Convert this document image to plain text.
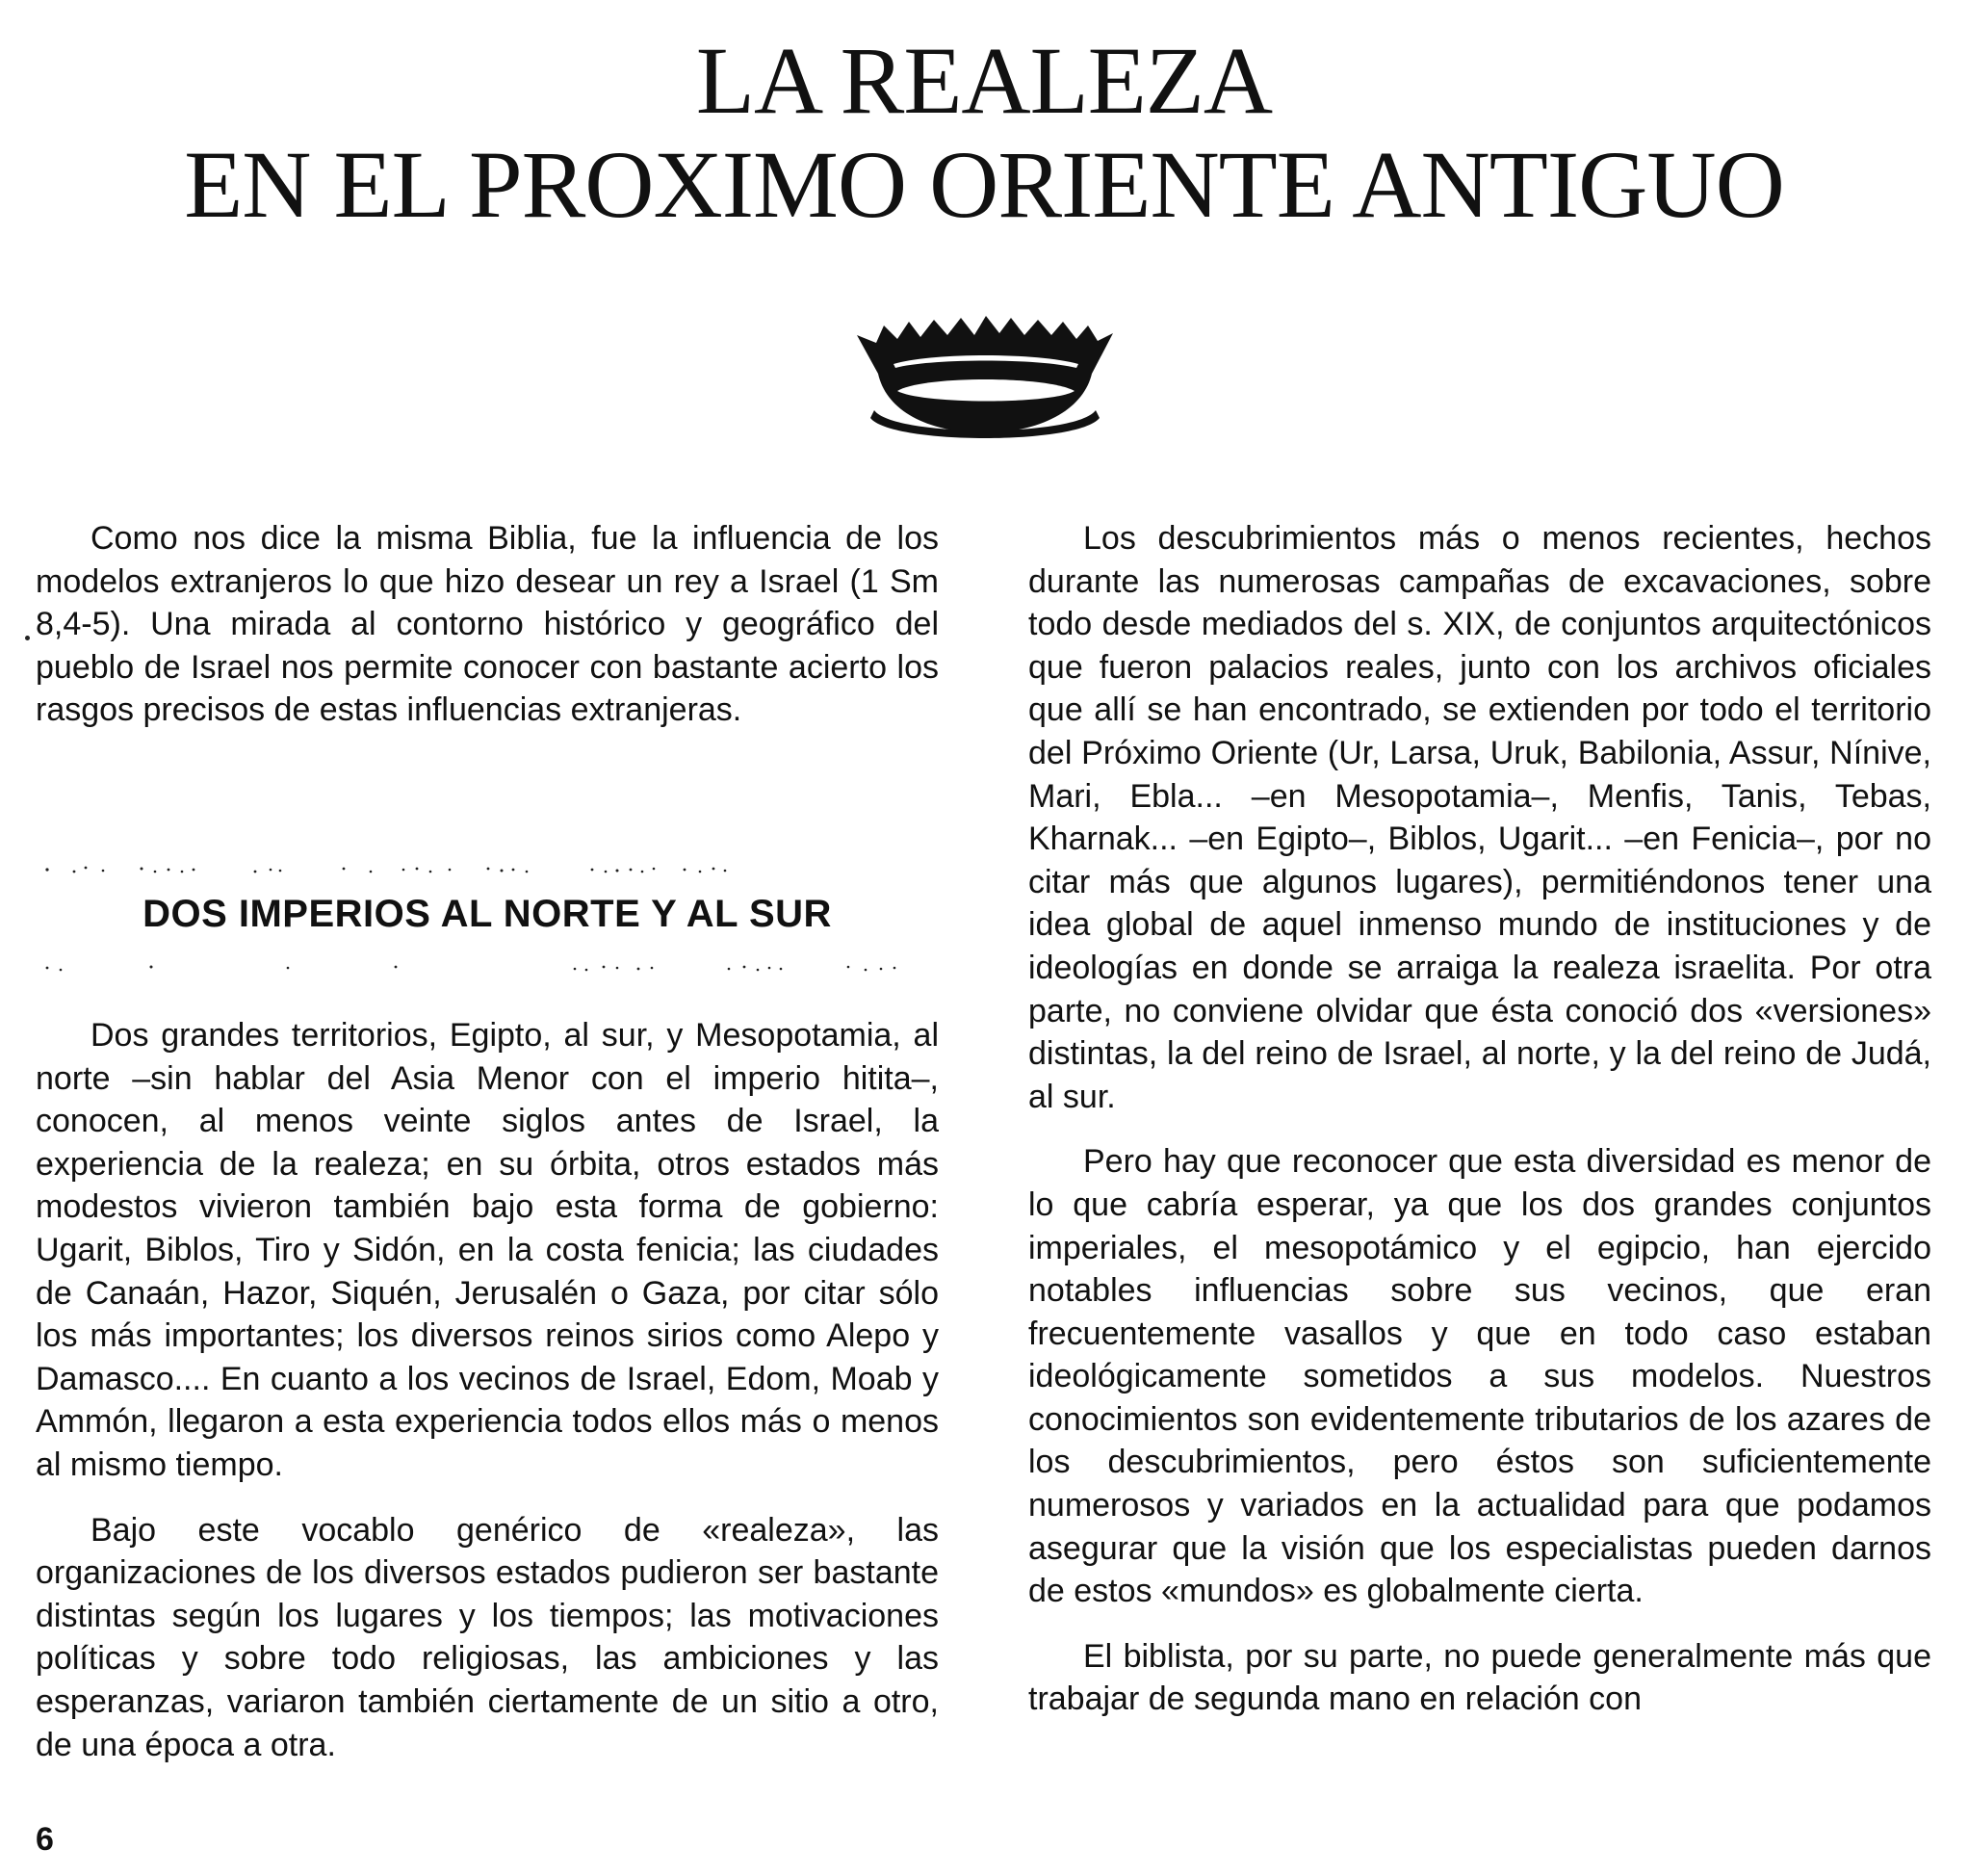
LA REALEZA
EN EL PROXIMO ORIENTE ANTIGUO

Como nos dice la misma Biblia, fue la influencia de los modelos extranjeros lo que hizo desear un rey a Israel (1 Sm 8,4-5). Una mirada al contorno histórico y geográfico del pueblo de Israel nos permite conocer con bastante acierto los rasgos precisos de estas influencias extranjeras.

DOS IMPERIOS AL NORTE Y AL SUR

Dos grandes territorios, Egipto, al sur, y Mesopotamia, al norte –sin hablar del Asia Menor con el imperio hitita–, conocen, al menos veinte siglos antes de Israel, la experiencia de la realeza; en su órbita, otros estados más modestos vivieron también bajo esta forma de gobierno: Ugarit, Biblos, Tiro y Sidón, en la costa fenicia; las ciudades de Canaán, Hazor, Siquén, Jerusalén o Gaza, por citar sólo los más importantes; los diversos reinos sirios como Alepo y Damasco.... En cuanto a los vecinos de Israel, Edom, Moab y Ammón, llegaron a esta experiencia todos ellos más o menos al mismo tiempo.

Bajo este vocablo genérico de «realeza», las organizaciones de los diversos estados pudieron ser bastante distintas según los lugares y los tiempos; las motivaciones políticas y sobre todo religiosas, las ambiciones y las esperanzas, variaron también ciertamente de un sitio a otro, de una época a otra.

Los descubrimientos más o menos recientes, hechos durante las numerosas campañas de excavaciones, sobre todo desde mediados del s. XIX, de conjuntos arquitectónicos que fueron palacios reales, junto con los archivos oficiales que allí se han encontrado, se extienden por todo el territorio del Próximo Oriente (Ur, Larsa, Uruk, Babilonia, Assur, Nínive, Mari, Ebla... –en Mesopotamia–, Menfis, Tanis, Tebas, Kharnak... –en Egipto–, Biblos, Ugarit... –en Fenicia–, por no citar más que algunos lugares), permitiéndonos tener una idea global de aquel inmenso mundo de instituciones y de ideologías en donde se arraiga la realeza israelita. Por otra parte, no conviene olvidar que ésta conoció dos «versiones» distintas, la del reino de Israel, al norte, y la del reino de Judá, al sur.

Pero hay que reconocer que esta diversidad es menor de lo que cabría esperar, ya que los dos grandes conjuntos imperiales, el mesopotámico y el egipcio, han ejercido notables influencias sobre sus vecinos, que eran frecuentemente vasallos y que en todo caso estaban ideológicamente sometidos a sus modelos. Nuestros conocimientos son evidentemente tributarios de los azares de los descubrimientos, pero éstos son suficientemente numerosos y variados en la actualidad para que podamos asegurar que la visión que los especialistas pueden darnos de estos «mundos» es globalmente cierta.

El biblista, por su parte, no puede generalmente más que trabajar de segunda mano en relación con

6
